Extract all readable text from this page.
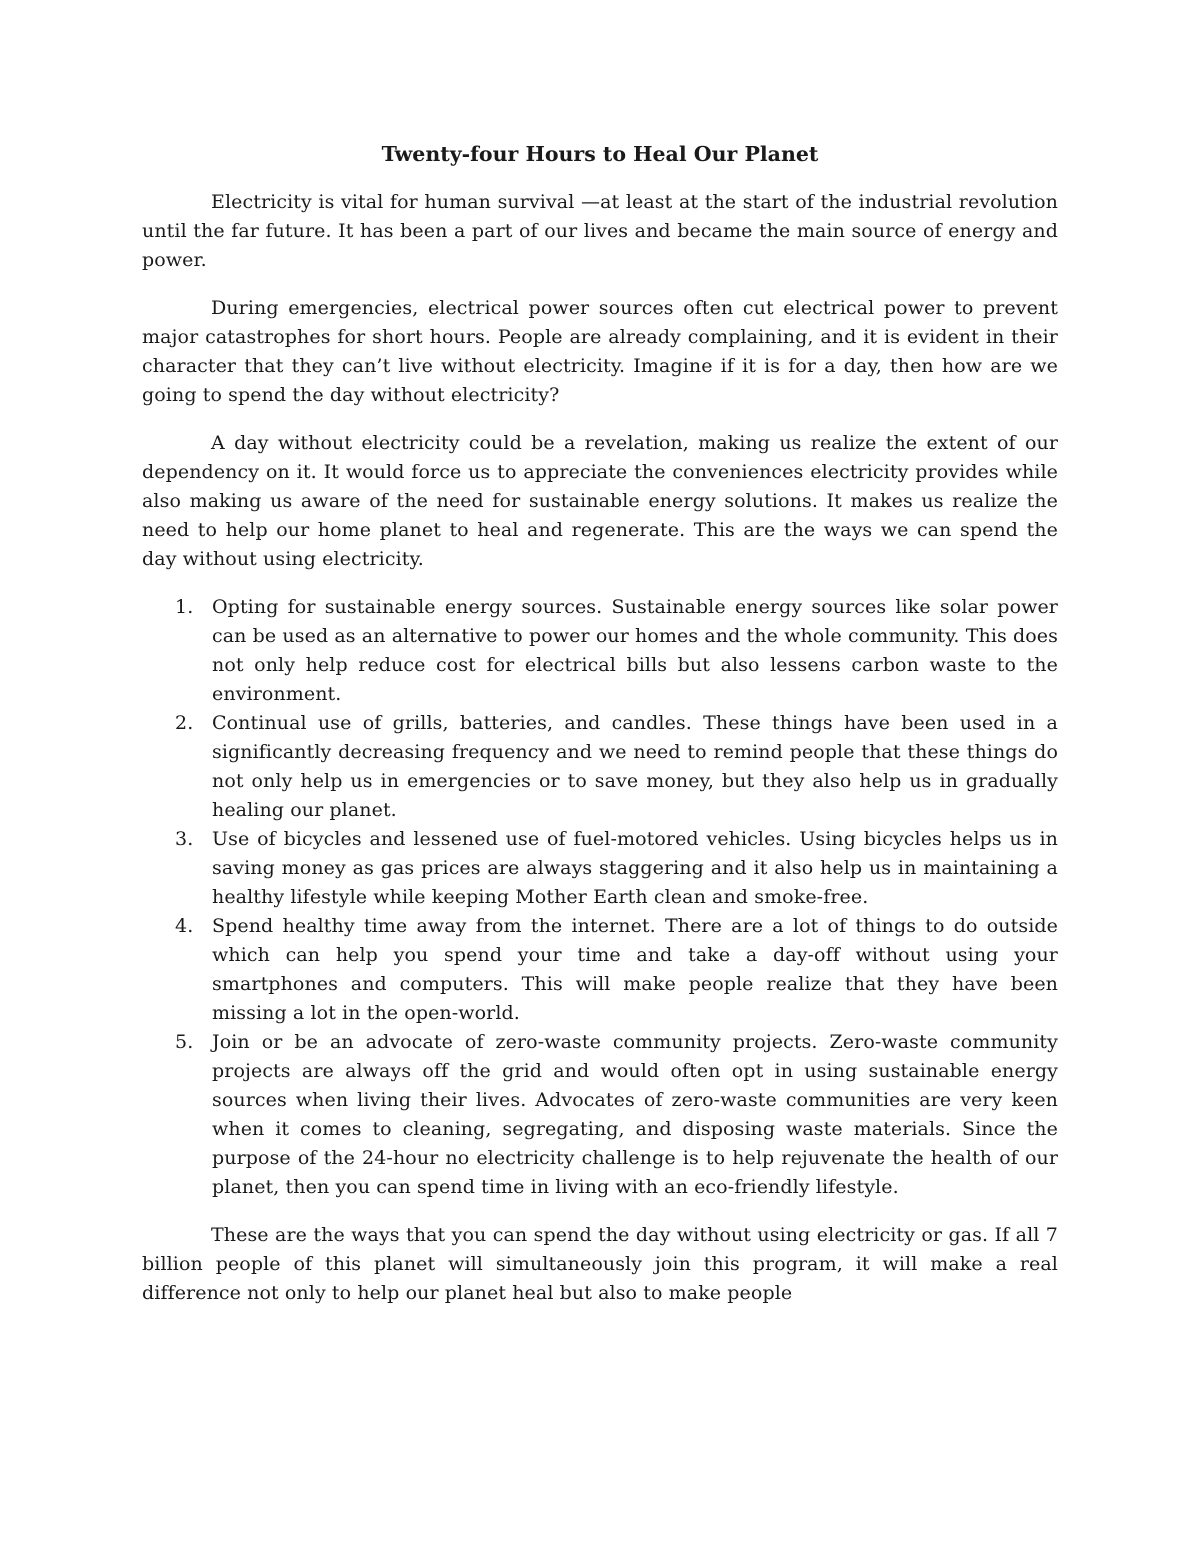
Twenty-four Hours to Heal Our Planet

Electricity is vital for human survival —at least at the start of the industrial revolution until the far future. It has been a part of our lives and became the main source of energy and power.

During emergencies, electrical power sources often cut electrical power to prevent major catastrophes for short hours. People are already complaining, and it is evident in their character that they can’t live without electricity. Imagine if it is for a day, then how are we going to spend the day without electricity?

A day without electricity could be a revelation, making us realize the extent of our dependency on it. It would force us to appreciate the conveniences electricity provides while also making us aware of the need for sustainable energy solutions. It makes us realize the need to help our home planet to heal and regenerate. This are the ways we can spend the day without using electricity.

1. Opting for sustainable energy sources. Sustainable energy sources like solar power can be used as an alternative to power our homes and the whole community. This does not only help reduce cost for electrical bills but also lessens carbon waste to the environment.
2. Continual use of grills, batteries, and candles. These things have been used in a significantly decreasing frequency and we need to remind people that these things do not only help us in emergencies or to save money, but they also help us in gradually healing our planet.
3. Use of bicycles and lessened use of fuel-motored vehicles. Using bicycles helps us in saving money as gas prices are always staggering and it also help us in maintaining a healthy lifestyle while keeping Mother Earth clean and smoke-free.
4. Spend healthy time away from the internet. There are a lot of things to do outside which can help you spend your time and take a day-off without using your smartphones and computers. This will make people realize that they have been missing a lot in the open-world.
5. Join or be an advocate of zero-waste community projects. Zero-waste community projects are always off the grid and would often opt in using sustainable energy sources when living their lives. Advocates of zero-waste communities are very keen when it comes to cleaning, segregating, and disposing waste materials. Since the purpose of the 24-hour no electricity challenge is to help rejuvenate the health of our planet, then you can spend time in living with an eco-friendly lifestyle.

These are the ways that you can spend the day without using electricity or gas. If all 7 billion people of this planet will simultaneously join this program, it will make a real difference not only to help our planet heal but also to make people
